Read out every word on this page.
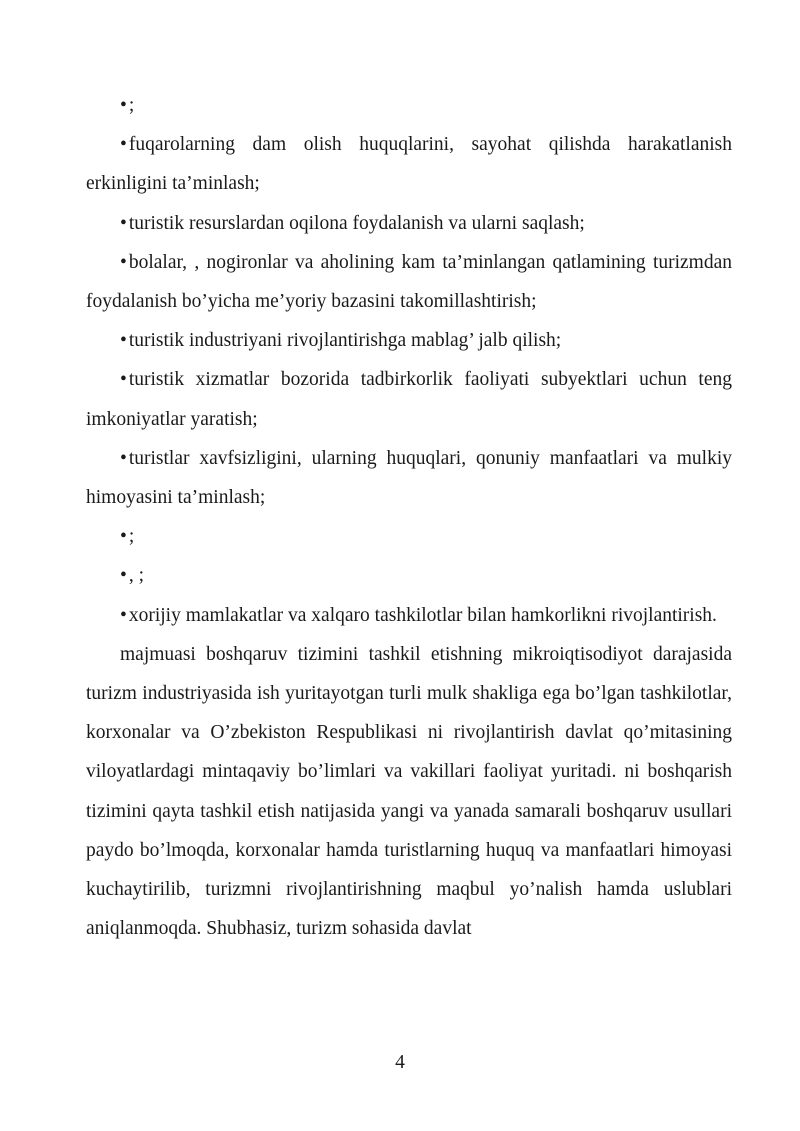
• ;

• fuqarolarning dam olish huquqlarini, sayohat qilishda harakatlanish erkinligini ta’minlash;

• turistik resurslardan oqilona foydalanish va ularni saqlash;

• bolalar, , nogironlar va aholining kam ta’minlangan qatlamining turizmdan foydalanish bo’yicha me’yoriy bazasini takomillashtirish;

• turistik industriyani rivojlantirishga mablag’ jalb qilish;

• turistik xizmatlar bozorida tadbirkorlik faoliyati subyektlari uchun teng imkoniyatlar yaratish;

• turistlar xavfsizligini, ularning huquqlari, qonuniy manfaatlari va mulkiy himoyasini ta’minlash;

• ;

• , ;

• xorijiy mamlakatlar va xalqaro tashkilotlar bilan hamkorlikni rivojlantirish.

majmuasi boshqaruv tizimini tashkil etishning mikroiqtisodiyot darajasida turizm industriyasida ish yuritayotgan turli mulk shakliga ega bo’lgan tashkilotlar, korxonalar va O’zbekiston Respublikasi ni rivojlantirish davlat qo’mitasining viloyatlardagi mintaqaviy bo’limlari va vakillari faoliyat yuritadi. ni boshqarish tizimini qayta tashkil etish natijasida yangi va yanada samarali boshqaruv usullari paydo bo’lmoqda, korxonalar hamda turistlarning huquq va manfaatlari himoyasi kuchaytirilib, turizmni rivojlantirishning maqbul yo’nalish hamda uslublari aniqlanmoqda. Shubhasiz, turizm sohasida davlat

4
